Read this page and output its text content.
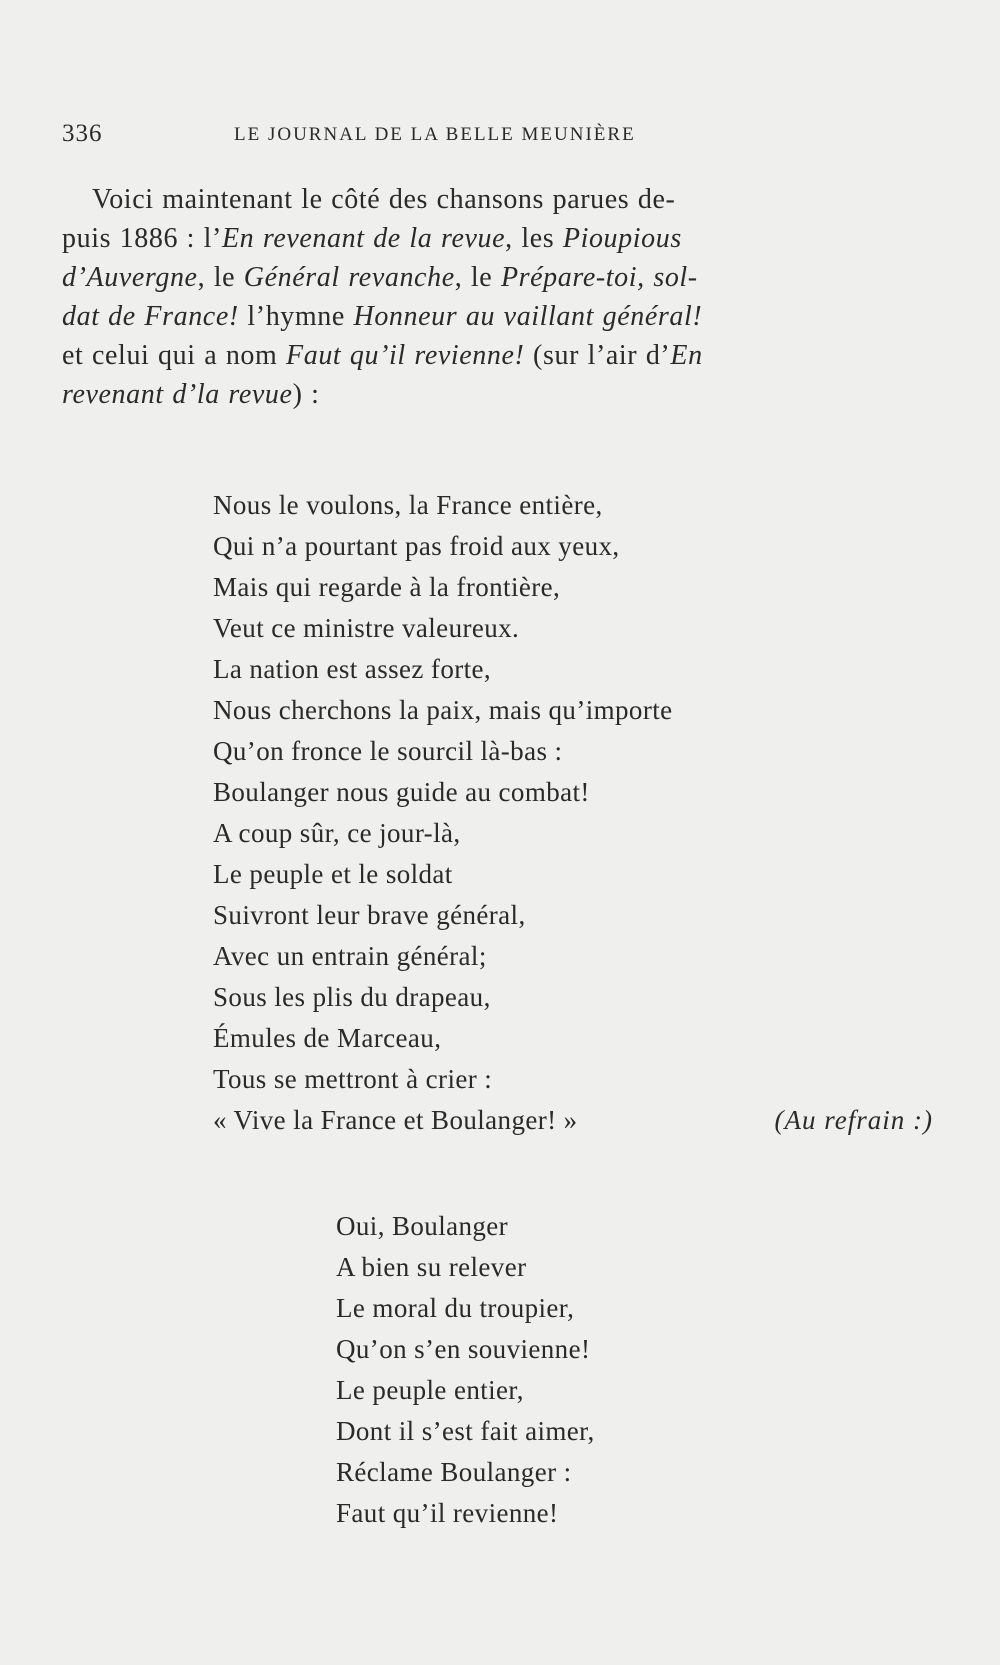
336	LE JOURNAL DE LA BELLE MEUNIÈRE
Voici maintenant le côté des chansons parues de-
puis 1886 : l’En revenant de la revue, les Pioupious
d’Auvergne, le Général revanche, le Prépare-toi, sol-
dat de France! l’hymne Honneur au vaillant général!
et celui qui a nom Faut qu’il revienne! (sur l’air d’En
revenant d’la revue) :
Nous le voulons, la France entière,
Qui n’a pourtant pas froid aux yeux,
Mais qui regarde à la frontière,
Veut ce ministre valeureux.
La nation est assez forte,
Nous cherchons la paix, mais qu’importe
Qu’on fronce le sourcil là-bas :
Boulanger nous guide au combat!
A coup sûr, ce jour-là,
Le peuple et le soldat
Suivront leur brave général,
Avec un entrain général;
Sous les plis du drapeau,
Émules de Marceau,
Tous se mettront à crier :
« Vive la France et Boulanger! »	(Au refrain :)
Oui, Boulanger
A bien su relever
Le moral du troupier,
Qu’on s’en souvienne!
Le peuple entier,
Dont il s’est fait aimer,
Réclame Boulanger :
Faut qu’il revienne!
